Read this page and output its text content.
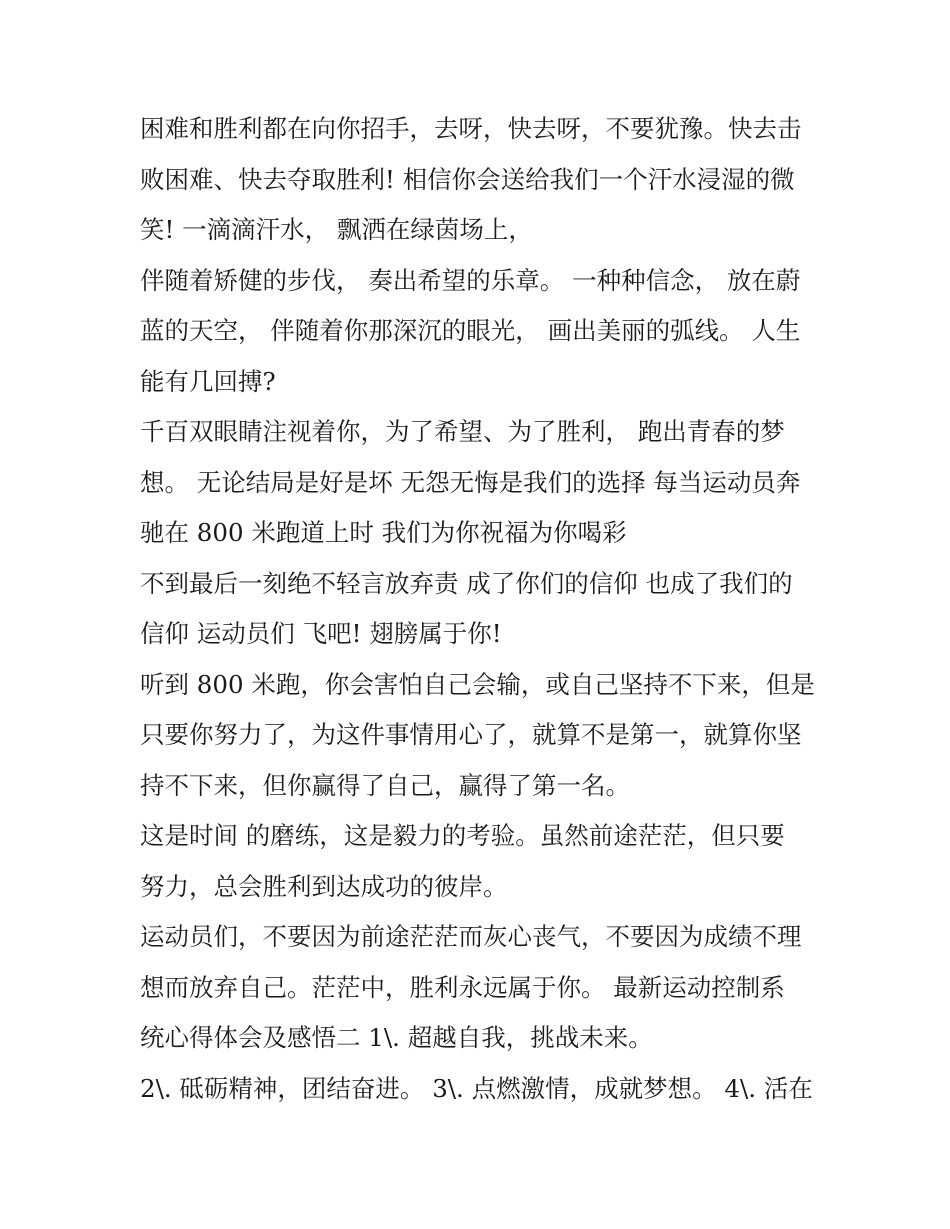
困难和胜利都在向你招手，去呀，快去呀，不要犹豫。快去击
败困难、快去夺取胜利! 相信你会送给我们一个汗水浸湿的微
笑! 一滴滴汗水， 飘洒在绿茵场上，
伴随着矫健的步伐， 奏出希望的乐章。 一种种信念， 放在蔚
蓝的天空， 伴随着你那深沉的眼光， 画出美丽的弧线。 人生
能有几回搏?
千百双眼睛注视着你，为了希望、为了胜利， 跑出青春的梦
想。 无论结局是好是坏 无怨无悔是我们的选择 每当运动员奔
驰在 800 米跑道上时 我们为你祝福为你喝彩
不到最后一刻绝不轻言放弃责 成了你们的信仰 也成了我们的
信仰 运动员们 飞吧! 翅膀属于你!
听到 800 米跑，你会害怕自己会输，或自己坚持不下来，但是
只要你努力了，为这件事情用心了，就算不是第一，就算你坚
持不下来，但你赢得了自己，赢得了第一名。
这是时间 的磨练，这是毅力的考验。虽然前途茫茫，但只要
努力，总会胜利到达成功的彼岸。
运动员们，不要因为前途茫茫而灰心丧气，不要因为成绩不理
想而放弃自己。茫茫中，胜利永远属于你。 最新运动控制系
统心得体会及感悟二 1\. 超越自我，挑战未来。
2\. 砥砺精神，团结奋进。 3\. 点燃激情，成就梦想。 4\. 活在
